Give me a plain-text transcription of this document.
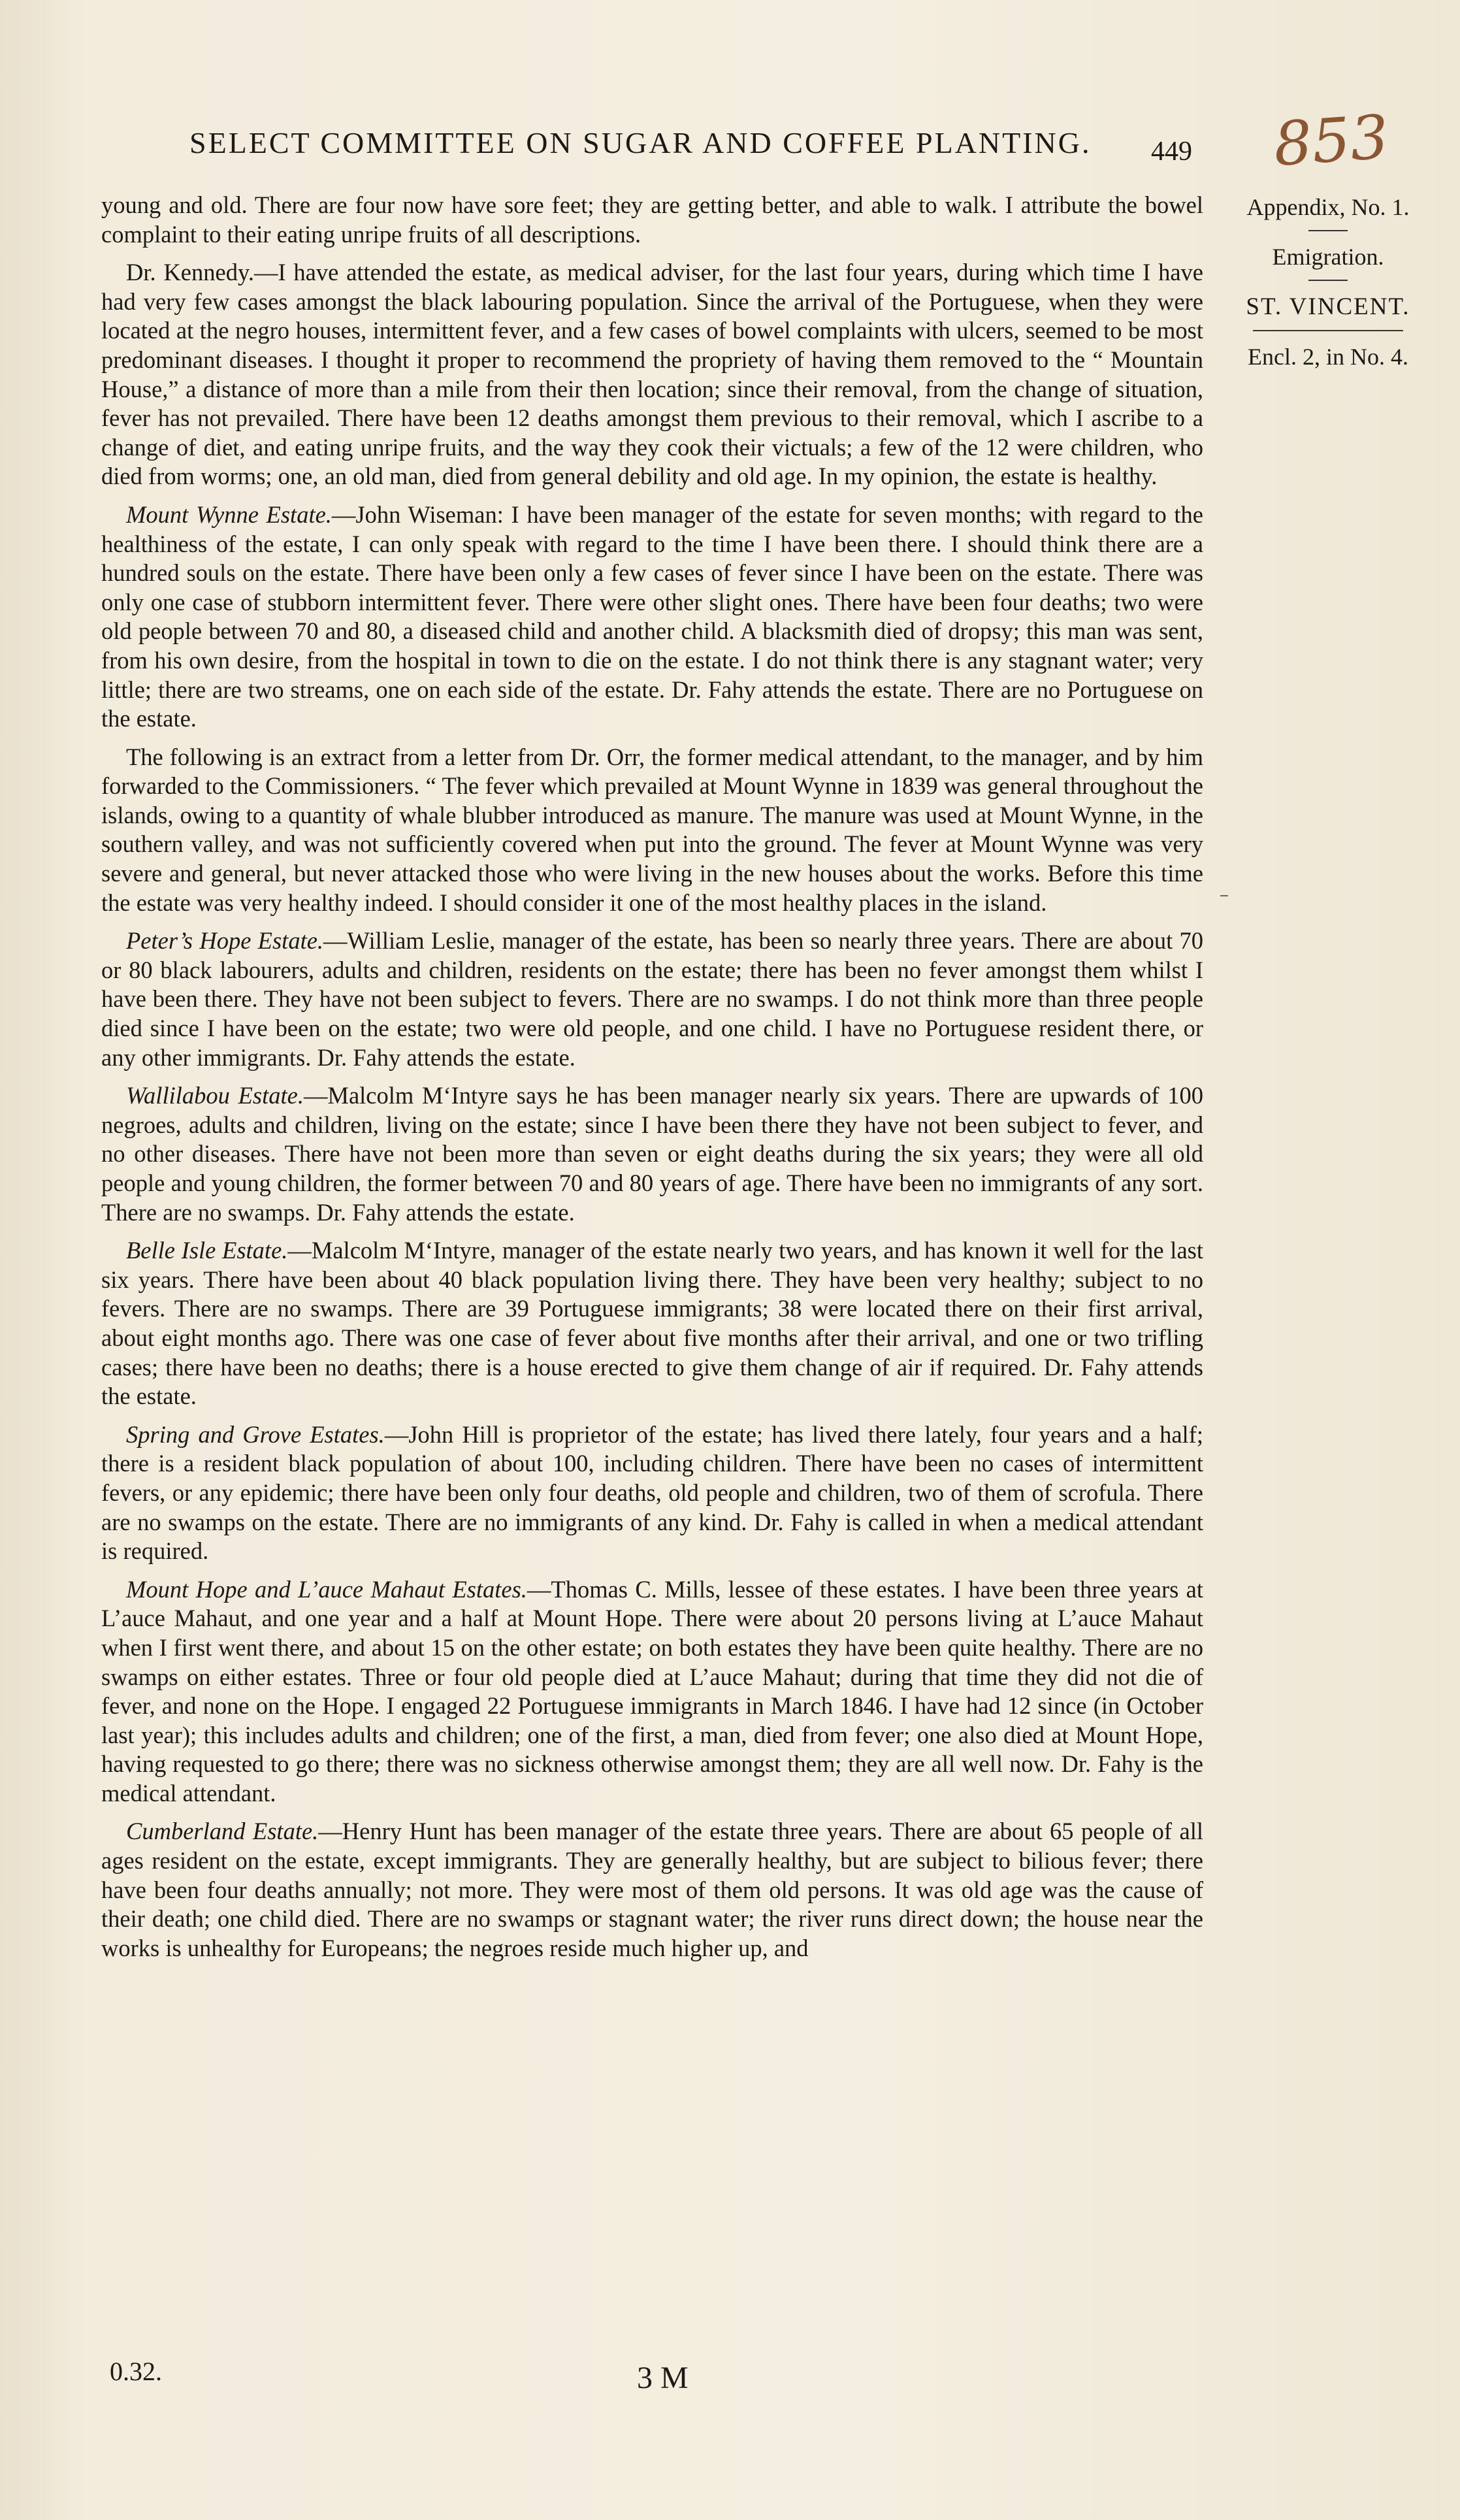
SELECT COMMITTEE ON SUGAR AND COFFEE PLANTING. 449 853
Appendix, No. 1.
Emigration.
ST. VINCENT.
Encl. 2, in No. 4.

young and old. There are four now have sore feet; they are getting better, and able to walk. I attribute the bowel complaint to their eating unripe fruits of all descriptions.

Dr. Kennedy.—I have attended the estate, as medical adviser, for the last four years, during which time I have had very few cases amongst the black labouring population. Since the arrival of the Portuguese, when they were located at the negro houses, intermittent fever, and a few cases of bowel complaints with ulcers, seemed to be most predominant diseases. I thought it proper to recommend the propriety of having them removed to the “ Mountain House,” a distance of more than a mile from their then location; since their removal, from the change of situation, fever has not prevailed. There have been 12 deaths amongst them previous to their removal, which I ascribe to a change of diet, and eating unripe fruits, and the way they cook their victuals; a few of the 12 were children, who died from worms; one, an old man, died from general debility and old age. In my opinion, the estate is healthy.

Mount Wynne Estate.—John Wiseman: I have been manager of the estate for seven months; with regard to the healthiness of the estate, I can only speak with regard to the time I have been there. I should think there are a hundred souls on the estate. There have been only a few cases of fever since I have been on the estate. There was only one case of stubborn intermittent fever. There were other slight ones. There have been four deaths; two were old people between 70 and 80, a diseased child and another child. A blacksmith died of dropsy; this man was sent, from his own desire, from the hospital in town to die on the estate. I do not think there is any stagnant water; very little; there are two streams, one on each side of the estate. Dr. Fahy attends the estate. There are no Portuguese on the estate.

The following is an extract from a letter from Dr. Orr, the former medical attendant, to the manager, and by him forwarded to the Commissioners. “ The fever which prevailed at Mount Wynne in 1839 was general throughout the islands, owing to a quantity of whale blubber introduced as manure. The manure was used at Mount Wynne, in the southern valley, and was not sufficiently covered when put into the ground. The fever at Mount Wynne was very severe and general, but never attacked those who were living in the new houses about the works. Before this time the estate was very healthy indeed. I should consider it one of the most healthy places in the island.

Peter’s Hope Estate.—William Leslie, manager of the estate, has been so nearly three years. There are about 70 or 80 black labourers, adults and children, residents on the estate; there has been no fever amongst them whilst I have been there. They have not been subject to fevers. There are no swamps. I do not think more than three people died since I have been on the estate; two were old people, and one child. I have no Portuguese resident there, or any other immigrants. Dr. Fahy attends the estate.

Wallilabou Estate.—Malcolm M‘Intyre says he has been manager nearly six years. There are upwards of 100 negroes, adults and children, living on the estate; since I have been there they have not been subject to fever, and no other diseases. There have not been more than seven or eight deaths during the six years; they were all old people and young children, the former between 70 and 80 years of age. There have been no immigrants of any sort. There are no swamps. Dr. Fahy attends the estate.

Belle Isle Estate.—Malcolm M‘Intyre, manager of the estate nearly two years, and has known it well for the last six years. There have been about 40 black population living there. They have been very healthy; subject to no fevers. There are no swamps. There are 39 Portuguese immigrants; 38 were located there on their first arrival, about eight months ago. There was one case of fever about five months after their arrival, and one or two trifling cases; there have been no deaths; there is a house erected to give them change of air if required. Dr. Fahy attends the estate.

Spring and Grove Estates.—John Hill is proprietor of the estate; has lived there lately, four years and a half; there is a resident black population of about 100, including children. There have been no cases of intermittent fevers, or any epidemic; there have been only four deaths, old people and children, two of them of scrofula. There are no swamps on the estate. There are no immigrants of any kind. Dr. Fahy is called in when a medical attendant is required.

Mount Hope and L’auce Mahaut Estates.—Thomas C. Mills, lessee of these estates. I have been three years at L’auce Mahaut, and one year and a half at Mount Hope. There were about 20 persons living at L’auce Mahaut when I first went there, and about 15 on the other estate; on both estates they have been quite healthy. There are no swamps on either estates. Three or four old people died at L’auce Mahaut; during that time they did not die of fever, and none on the Hope. I engaged 22 Portuguese immigrants in March 1846. I have had 12 since (in October last year); this includes adults and children; one of the first, a man, died from fever; one also died at Mount Hope, having requested to go there; there was no sickness otherwise amongst them; they are all well now. Dr. Fahy is the medical attendant.

Cumberland Estate.—Henry Hunt has been manager of the estate three years. There are about 65 people of all ages resident on the estate, except immigrants. They are generally healthy, but are subject to bilious fever; there have been four deaths annually; not more. They were most of them old persons. It was old age was the cause of their death; one child died. There are no swamps or stagnant water; the river runs direct down; the house near the works is unhealthy for Europeans; the negroes reside much higher up, and

0.32.	3 M
